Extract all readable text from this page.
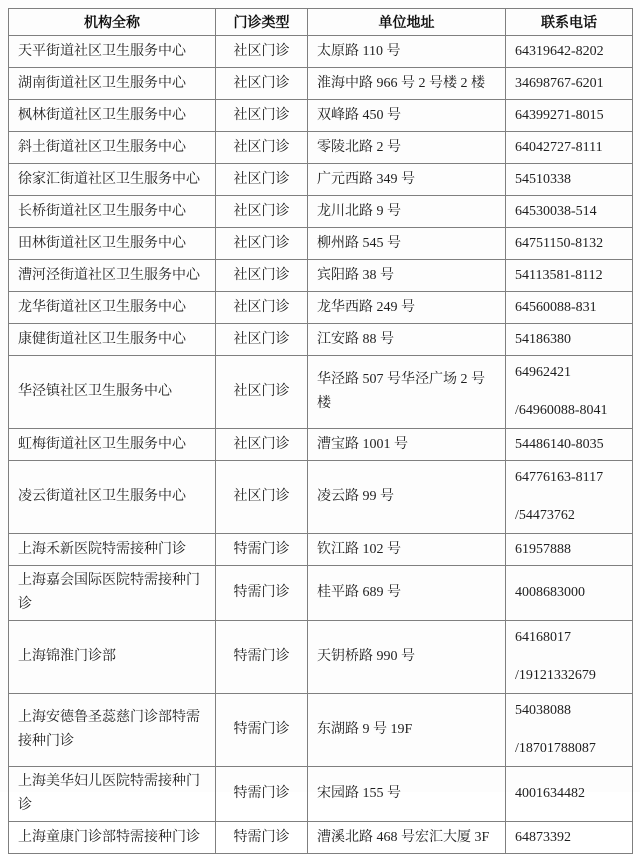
机构全称	门诊类型	单位地址	联系电话
天平街道社区卫生服务中心	社区门诊	太原路 110 号	64319642-8202

湖南街道社区卫生服务中心	社区门诊	淮海中路 966 号 2 号楼 2 楼	34698767-6201

枫林街道社区卫生服务中心	社区门诊	双峰路 450 号	64399271-8015

斜土街道社区卫生服务中心	社区门诊	零陵北路 2 号	64042727-8111

徐家汇街道社区卫生服务中心	社区门诊	广元西路 349 号	54510338

长桥街道社区卫生服务中心	社区门诊	龙川北路 9 号	64530038-514

田林街道社区卫生服务中心	社区门诊	柳州路 545 号	64751150-8132

漕河泾街道社区卫生服务中心	社区门诊	宾阳路 38 号	54113581-8112

龙华街道社区卫生服务中心	社区门诊	龙华西路 249 号	64560088-831

康健街道社区卫生服务中心	社区门诊	江安路 88 号	54186380

华泾镇社区卫生服务中心	社区门诊	华泾路 507 号华泾广场 2 号楼	64962421
/64960088-8041

虹梅街道社区卫生服务中心	社区门诊	漕宝路 1001 号	54486140-8035

凌云街道社区卫生服务中心	社区门诊	凌云路 99 号	64776163-8117
/54473762

上海禾新医院特需接种门诊	特需门诊	钦江路 102 号	61957888

上海嘉会国际医院特需接种门诊	特需门诊	桂平路 689 号	4008683000

上海锦淮门诊部	特需门诊	天钥桥路 990 号	64168017
/19121332679

上海安德鲁圣蕊慈门诊部特需接种门诊	特需门诊	东湖路 9 号 19F	54038088
/18701788087

上海美华妇儿医院特需接种门诊	特需门诊	宋园路 155 号	4001634482

上海童康门诊部特需接种门诊	特需门诊	漕溪北路 468 号宏汇大厦 3F	64873392
